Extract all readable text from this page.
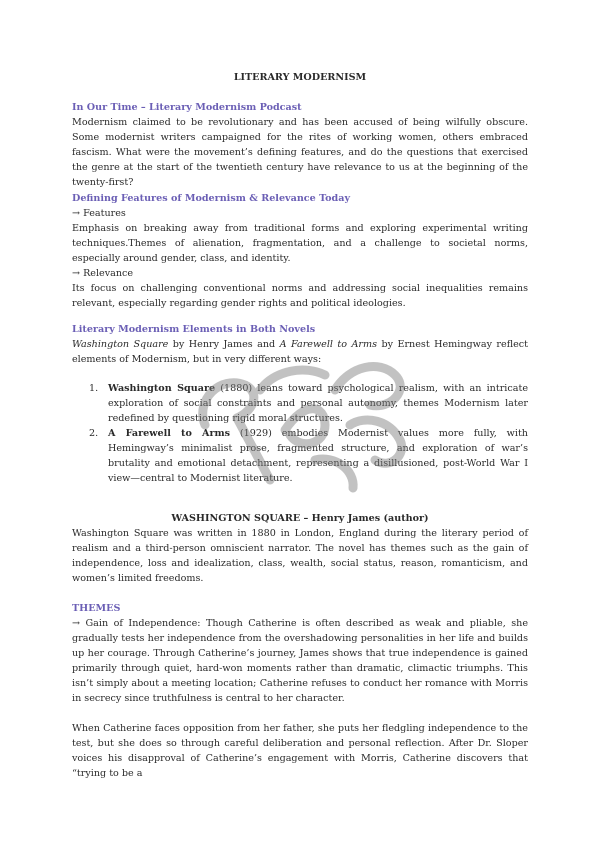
LITERARY MODERNISM
In Our Time – Literary Modernism Podcast

Modernism claimed to be revolutionary and has been accused of being wilfully obscure. Some modernist writers campaigned for the rites of working women, others embraced fascism. What were the movement’s defining features, and do the questions that exercised the genre at the start of the twentieth century have relevance to us at the beginning of the twenty-first?

Defining Features of Modernism & Relevance Today

→ Features

Emphasis on breaking away from traditional forms and exploring experimental writing techniques.Themes of alienation, fragmentation, and a challenge to societal norms, especially around gender, class, and identity.

→ Relevance

Its focus on challenging conventional norms and addressing social inequalities remains relevant, especially regarding gender rights and political ideologies.

Literary Modernism Elements in Both Novels

Washington Square by Henry James and A Farewell to Arms by Ernest Hemingway reflect elements of Modernism, but in very different ways:

1. Washington Square (1880) leans toward psychological realism, with an intricate exploration of social constraints and personal autonomy, themes Modernism later redefined by questioning rigid moral structures.
2. A Farewell to Arms (1929) embodies Modernist values more fully, with Hemingway’s minimalist prose, fragmented structure, and exploration of war’s brutality and emotional detachment, representing a disillusioned, post-World War I view—central to Modernist literature.
WASHINGTON SQUARE – Henry James (author)

Washington Square was written in 1880 in London, England during the literary period of realism and a third-person omniscient narrator. The novel has themes such as the gain of independence, loss and idealization, class, wealth, social status, reason, romanticism, and women’s limited freedoms.

THEMES

→ Gain of Independence: Though Catherine is often described as weak and pliable, she gradually tests her independence from the overshadowing personalities in her life and builds up her courage. Through Catherine’s journey, James shows that true independence is gained primarily through quiet, hard-won moments rather than dramatic, climactic triumphs. This isn’t simply about a meeting location; Catherine refuses to conduct her romance with Morris in secrecy since truthfulness is central to her character.

When Catherine faces opposition from her father, she puts her fledgling independence to the test, but she does so through careful deliberation and personal reflection. After Dr. Sloper voices his disapproval of Catherine’s engagement with Morris, Catherine discovers that “trying to be a
